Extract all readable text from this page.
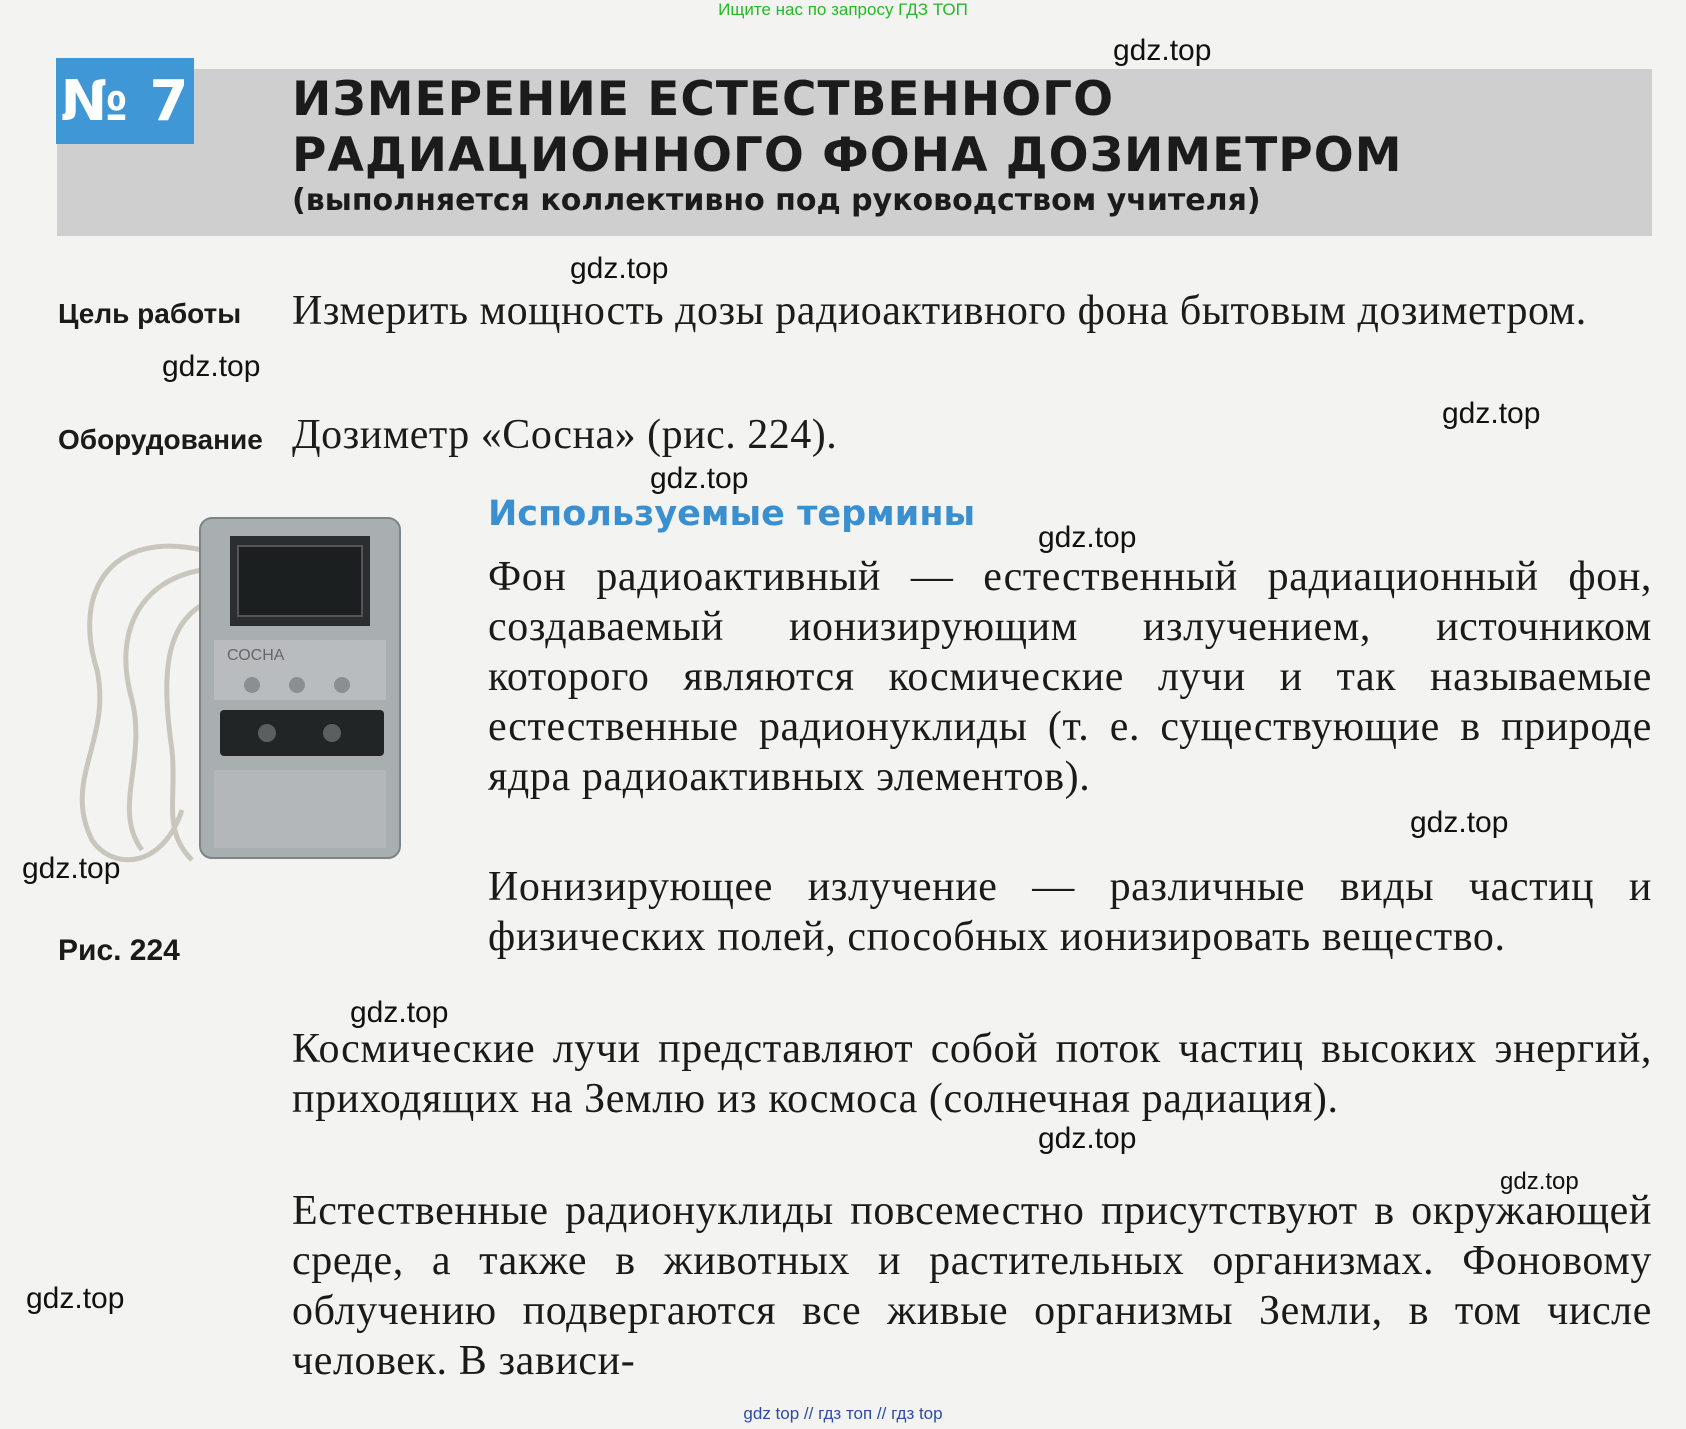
Ищите нас по запросу ГДЗ ТОП
№ 7 ИЗМЕРЕНИЕ ЕСТЕСТВЕННОГО РАДИАЦИОННОГО ФОНА ДОЗИМЕТРОМ
(выполняется коллективно под руководством учителя)
Цель работы Измерить мощность дозы радиоактивного фона бытовым дозиметром.
Оборудование Дозиметр «Сосна» (рис. 224).
СОСНА
Рис. 224
Используемые термины

Фон радиоактивный — естественный радиационный фон, создаваемый ионизирующим излучением, источником которого являются космические лучи и так называемые естественные радионуклиды (т. е. существующие в природе ядра радиоактивных элементов).

Ионизирующее излучение — различные виды частиц и физических полей, способных ионизировать вещество.

Космические лучи представляют собой поток частиц высоких энергий, приходящих на Землю из космоса (солнечная радиация).

Естественные радионуклиды повсеместно присутствуют в окружающей среде, а также в животных и растительных организмах. Фоновому облучению подвергаются все живые организмы Земли, в том числе человек. В зависи-

gdz.top
gdz.top
gdz.top
gdz.top
gdz.top
gdz.top
gdz.top
gdz.top
gdz.top
gdz.top
gdz.top
gdz.top
gdz top // гдз топ // гдз top
